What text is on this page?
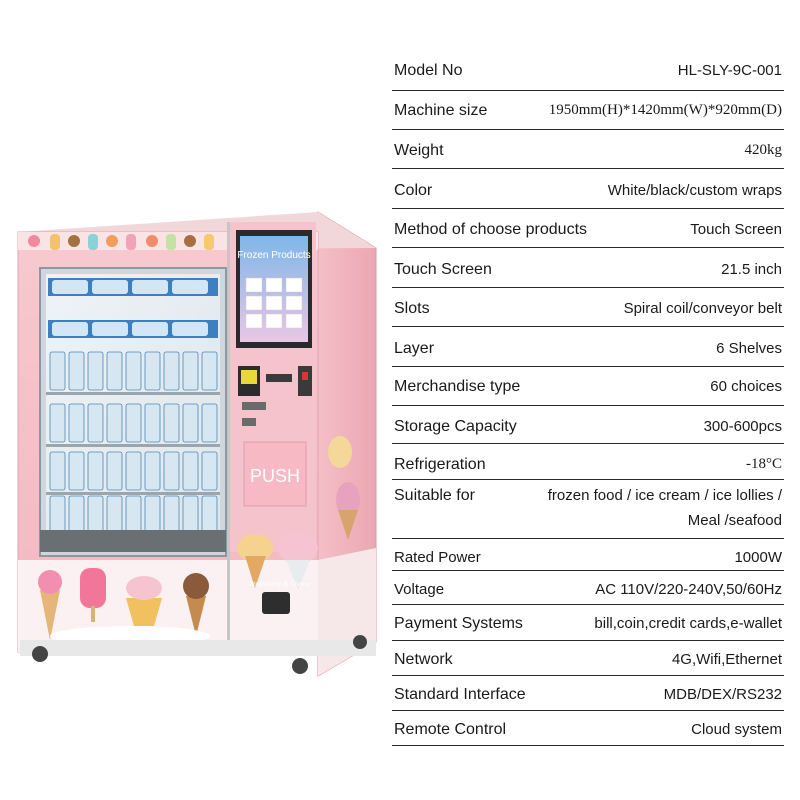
Frozen Products
PUSH
Strawberry & Cheese
Model No	HL-SLY-9C-001
Machine size	1950mm(H)*1420mm(W)*920mm(D)
Weight	420kg
Color	White/black/custom wraps
Method of choose products	Touch Screen
Touch Screen	21.5 inch
Slots	Spiral coil/conveyor belt
Layer	6 Shelves
Merchandise type	60 choices
Storage Capacity	300-600pcs
Refrigeration	-18°C
Suitable for	frozen food / ice cream / ice lollies /
Meal /seafood
Rated Power	1000W
Voltage	AC 110V/220-240V,50/60Hz
Payment Systems	bill,coin,credit cards,e-wallet
Network	4G,Wifi,Ethernet
Standard Interface	MDB/DEX/RS232
Remote Control	Cloud system
